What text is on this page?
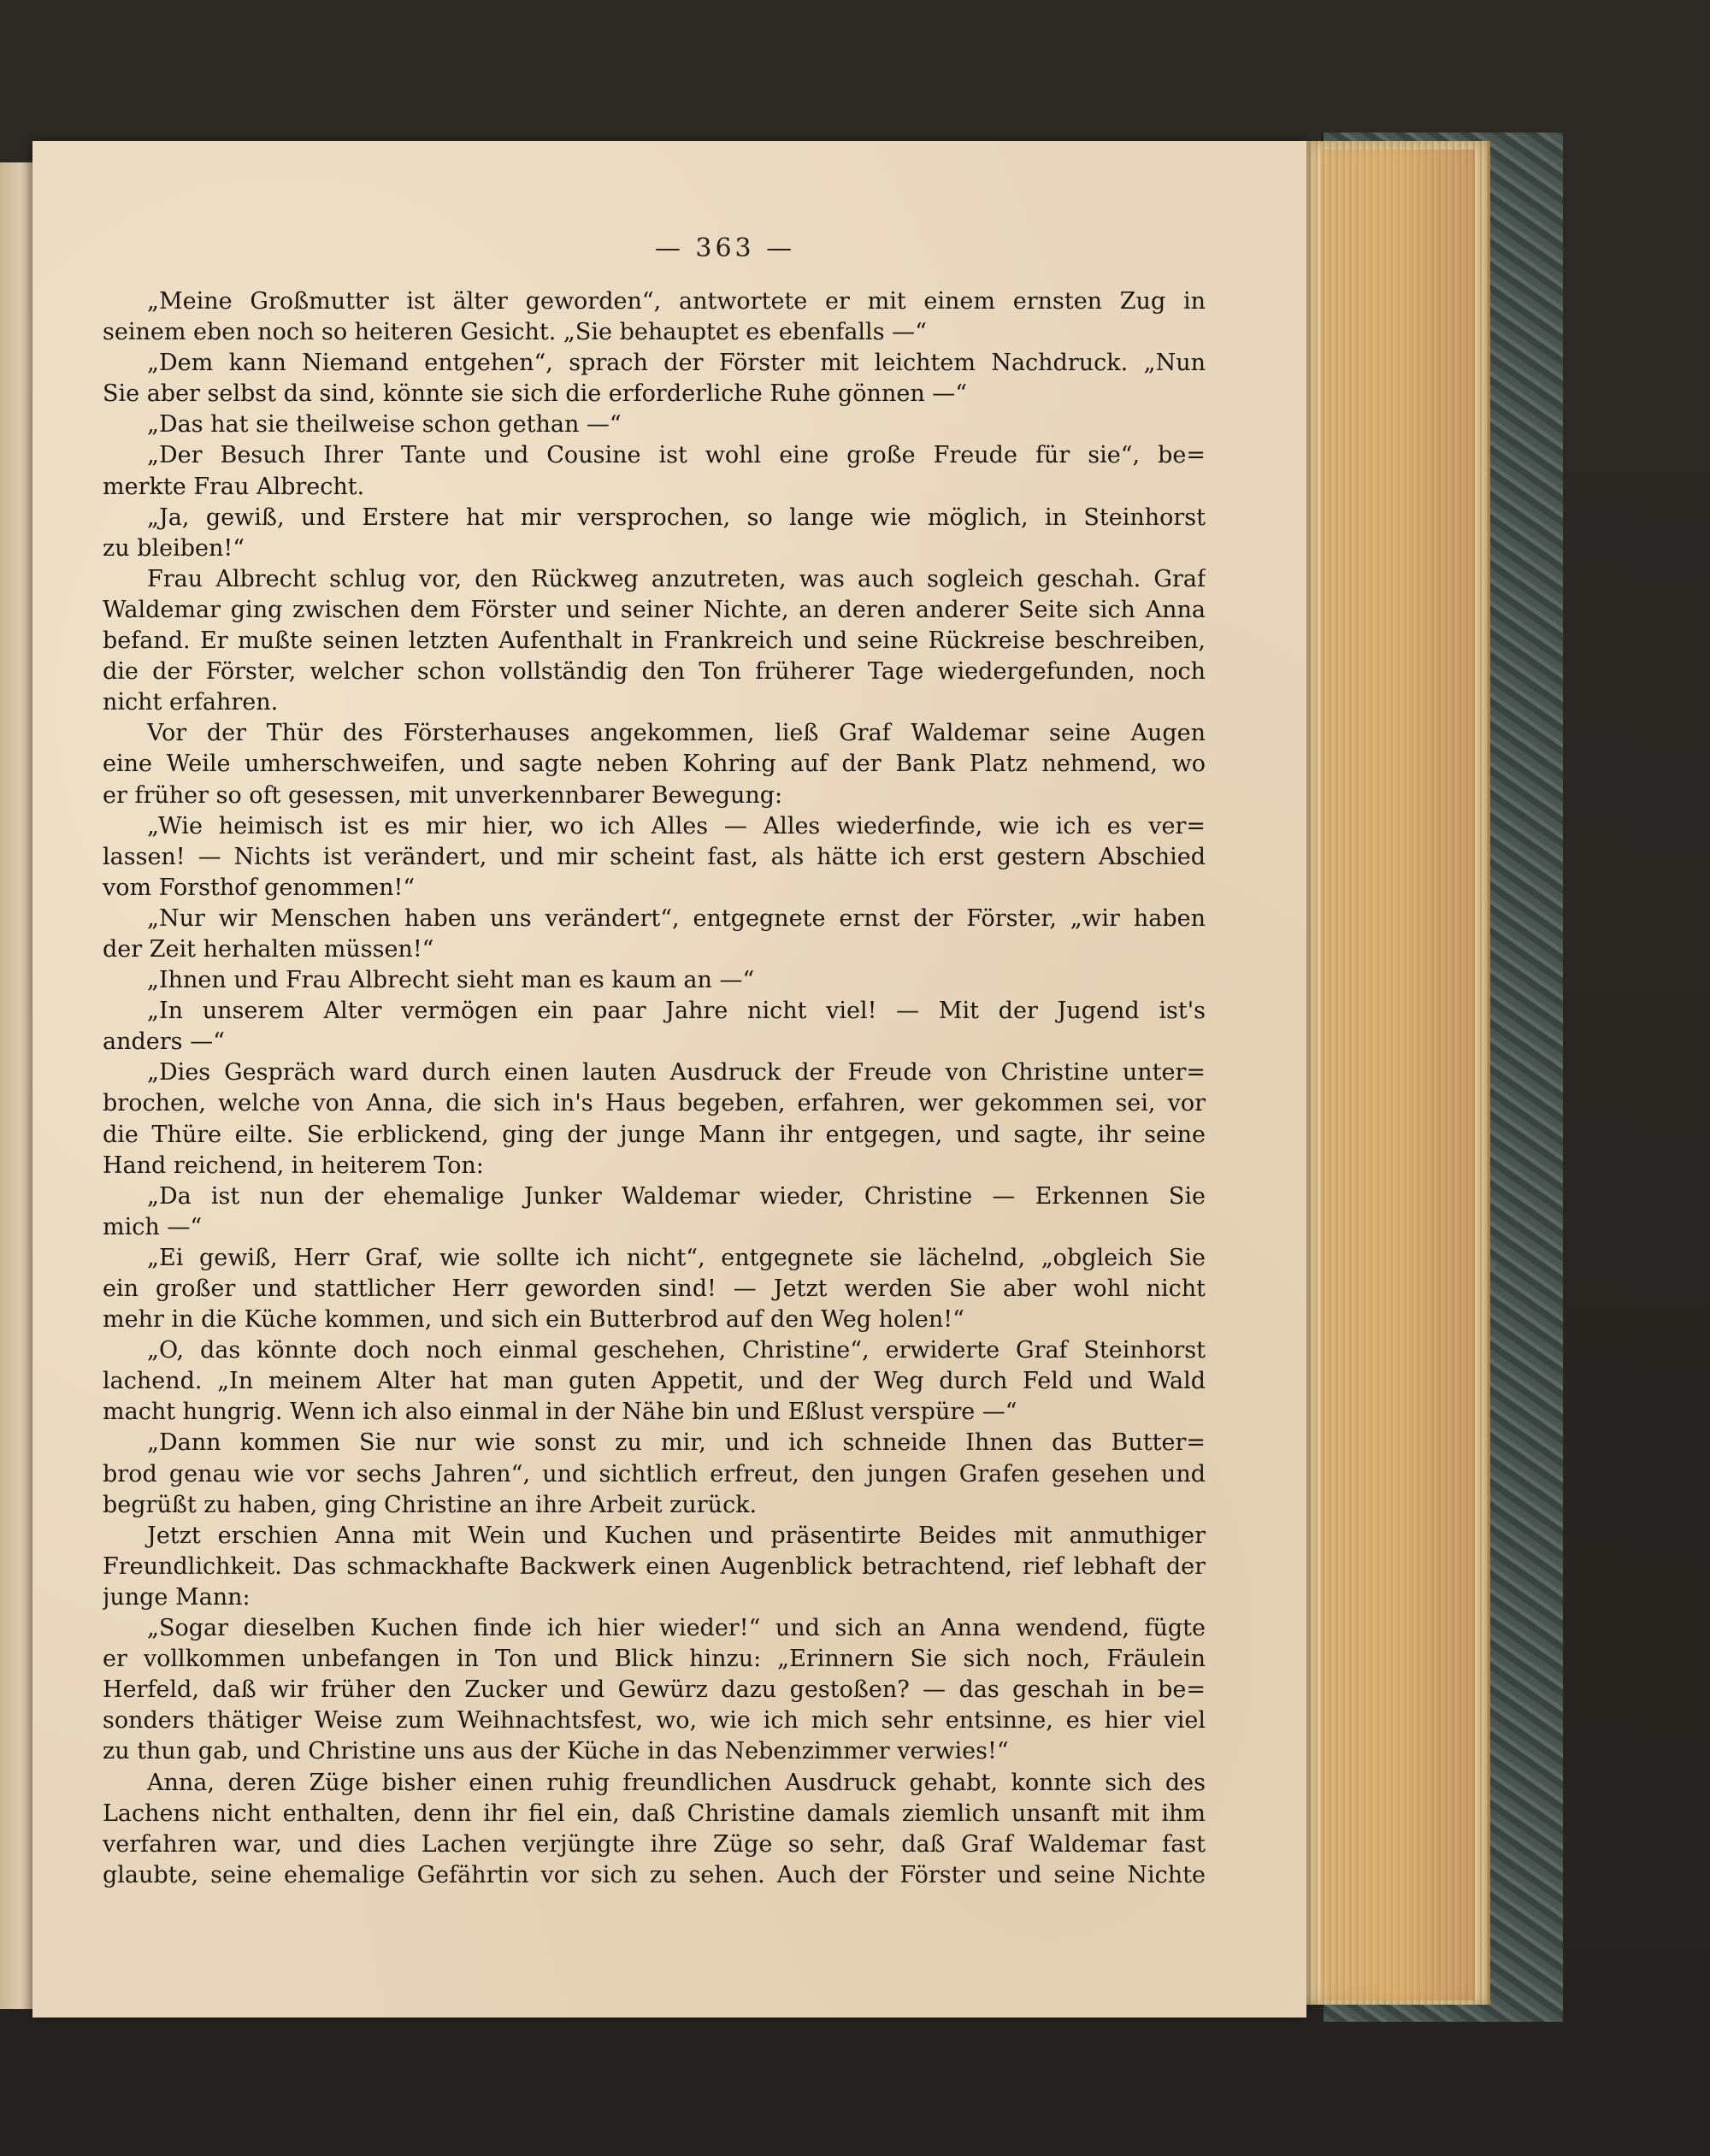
— 363 —
„Meine Großmutter ist älter geworden“, antwortete er mit einem ernsten Zug in
seinem eben noch so heiteren Gesicht. „Sie behauptet es ebenfalls —“
„Dem kann Niemand entgehen“, sprach der Förster mit leichtem Nachdruck. „Nun
Sie aber selbst da sind, könnte sie sich die erforderliche Ruhe gönnen —“
„Das hat sie theilweise schon gethan —“
„Der Besuch Ihrer Tante und Cousine ist wohl eine große Freude für sie“, be=
merkte Frau Albrecht.
„Ja, gewiß, und Erstere hat mir versprochen, so lange wie möglich, in Steinhorst
zu bleiben!“
Frau Albrecht schlug vor, den Rückweg anzutreten, was auch sogleich geschah. Graf
Waldemar ging zwischen dem Förster und seiner Nichte, an deren anderer Seite sich Anna
befand. Er mußte seinen letzten Aufenthalt in Frankreich und seine Rückreise beschreiben,
die der Förster, welcher schon vollständig den Ton früherer Tage wiedergefunden, noch
nicht erfahren.
Vor der Thür des Försterhauses angekommen, ließ Graf Waldemar seine Augen
eine Weile umherschweifen, und sagte neben Kohring auf der Bank Platz nehmend, wo
er früher so oft gesessen, mit unverkennbarer Bewegung:
„Wie heimisch ist es mir hier, wo ich Alles — Alles wiederfinde, wie ich es ver=
lassen! — Nichts ist verändert, und mir scheint fast, als hätte ich erst gestern Abschied
vom Forsthof genommen!“
„Nur wir Menschen haben uns verändert“, entgegnete ernst der Förster, „wir haben
der Zeit herhalten müssen!“
„Ihnen und Frau Albrecht sieht man es kaum an —“
„In unserem Alter vermögen ein paar Jahre nicht viel! — Mit der Jugend ist's
anders —“
„Dies Gespräch ward durch einen lauten Ausdruck der Freude von Christine unter=
brochen, welche von Anna, die sich in's Haus begeben, erfahren, wer gekommen sei, vor
die Thüre eilte. Sie erblickend, ging der junge Mann ihr entgegen, und sagte, ihr seine
Hand reichend, in heiterem Ton:
„Da ist nun der ehemalige Junker Waldemar wieder, Christine — Erkennen Sie
mich —“
„Ei gewiß, Herr Graf, wie sollte ich nicht“, entgegnete sie lächelnd, „obgleich Sie
ein großer und stattlicher Herr geworden sind! — Jetzt werden Sie aber wohl nicht
mehr in die Küche kommen, und sich ein Butterbrod auf den Weg holen!“
„O, das könnte doch noch einmal geschehen, Christine“, erwiderte Graf Steinhorst
lachend. „In meinem Alter hat man guten Appetit, und der Weg durch Feld und Wald
macht hungrig. Wenn ich also einmal in der Nähe bin und Eßlust verspüre —“
„Dann kommen Sie nur wie sonst zu mir, und ich schneide Ihnen das Butter=
brod genau wie vor sechs Jahren“, und sichtlich erfreut, den jungen Grafen gesehen und
begrüßt zu haben, ging Christine an ihre Arbeit zurück.
Jetzt erschien Anna mit Wein und Kuchen und präsentirte Beides mit anmuthiger
Freundlichkeit. Das schmackhafte Backwerk einen Augenblick betrachtend, rief lebhaft der
junge Mann:
„Sogar dieselben Kuchen finde ich hier wieder!“ und sich an Anna wendend, fügte
er vollkommen unbefangen in Ton und Blick hinzu: „Erinnern Sie sich noch, Fräulein
Herfeld, daß wir früher den Zucker und Gewürz dazu gestoßen? — das geschah in be=
sonders thätiger Weise zum Weihnachtsfest, wo, wie ich mich sehr entsinne, es hier viel
zu thun gab, und Christine uns aus der Küche in das Nebenzimmer verwies!“
Anna, deren Züge bisher einen ruhig freundlichen Ausdruck gehabt, konnte sich des
Lachens nicht enthalten, denn ihr fiel ein, daß Christine damals ziemlich unsanft mit ihm
verfahren war, und dies Lachen verjüngte ihre Züge so sehr, daß Graf Waldemar fast
glaubte, seine ehemalige Gefährtin vor sich zu sehen. Auch der Förster und seine Nichte
